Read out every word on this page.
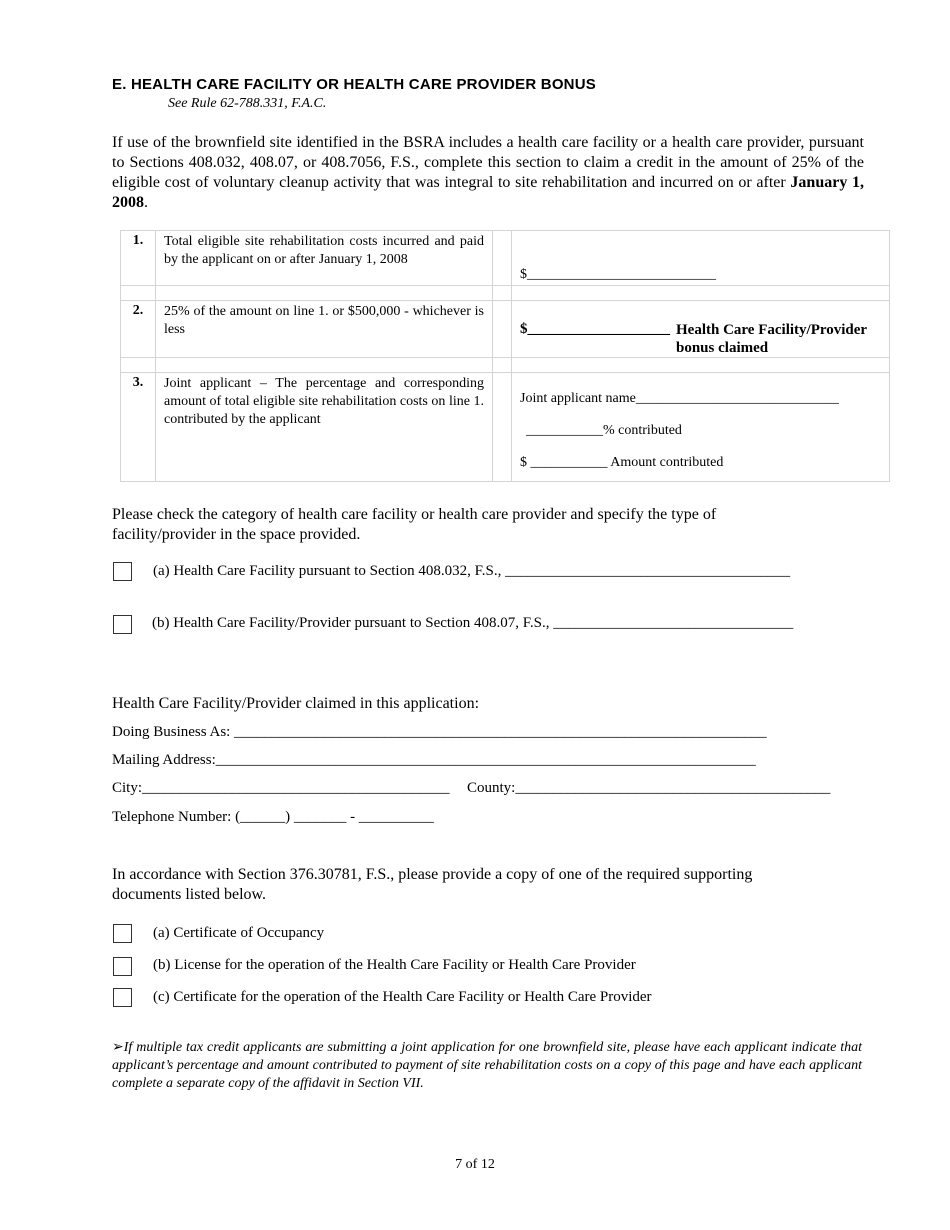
E. HEALTH CARE FACILITY OR HEALTH CARE PROVIDER BONUS
See Rule 62-788.331, F.A.C.
If use of the brownfield site identified in the BSRA includes a health care facility or a health care provider, pursuant to Sections 408.032, 408.07, or 408.7056, F.S., complete this section to claim a credit in the amount of 25% of the eligible cost of voluntary cleanup activity that was integral to site rehabilitation and incurred on or after January 1, 2008.
1.	Total eligible site rehabilitation costs incurred and paid by the applicant on or after January 1, 2008		$___________________________

2.	25% of the amount on line 1. or $500,000 - whichever is less		$___________________ Health Care Facility/Provider
bonus claimed

3.	Joint applicant – The percentage and corresponding amount of total eligible site rehabilitation costs on line 1. contributed by the applicant		Joint applicant name_____________________________
___________% contributed
$ ___________ Amount contributed
Please check the category of health care facility or health care provider and specify the type of facility/provider in the space provided.
(a) Health Care Facility pursuant to Section 408.032, F.S., ______________________________________
(b) Health Care Facility/Provider pursuant to Section 408.07, F.S., ________________________________
Health Care Facility/Provider claimed in this application:
Doing Business As: _______________________________________________________________________
Mailing Address:________________________________________________________________________
City:_________________________________________ County:__________________________________________
Telephone Number: (______) _______ - __________
In accordance with Section 376.30781, F.S., please provide a copy of one of the required supporting documents listed below.
(a) Certificate of Occupancy
(b) License for the operation of the Health Care Facility or Health Care Provider
(c) Certificate for the operation of the Health Care Facility or Health Care Provider
➢If multiple tax credit applicants are submitting a joint application for one brownfield site, please have each applicant indicate that applicant’s percentage and amount contributed to payment of site rehabilitation costs on a copy of this page and have each applicant complete a separate copy of the affidavit in Section VII.
7 of 12
